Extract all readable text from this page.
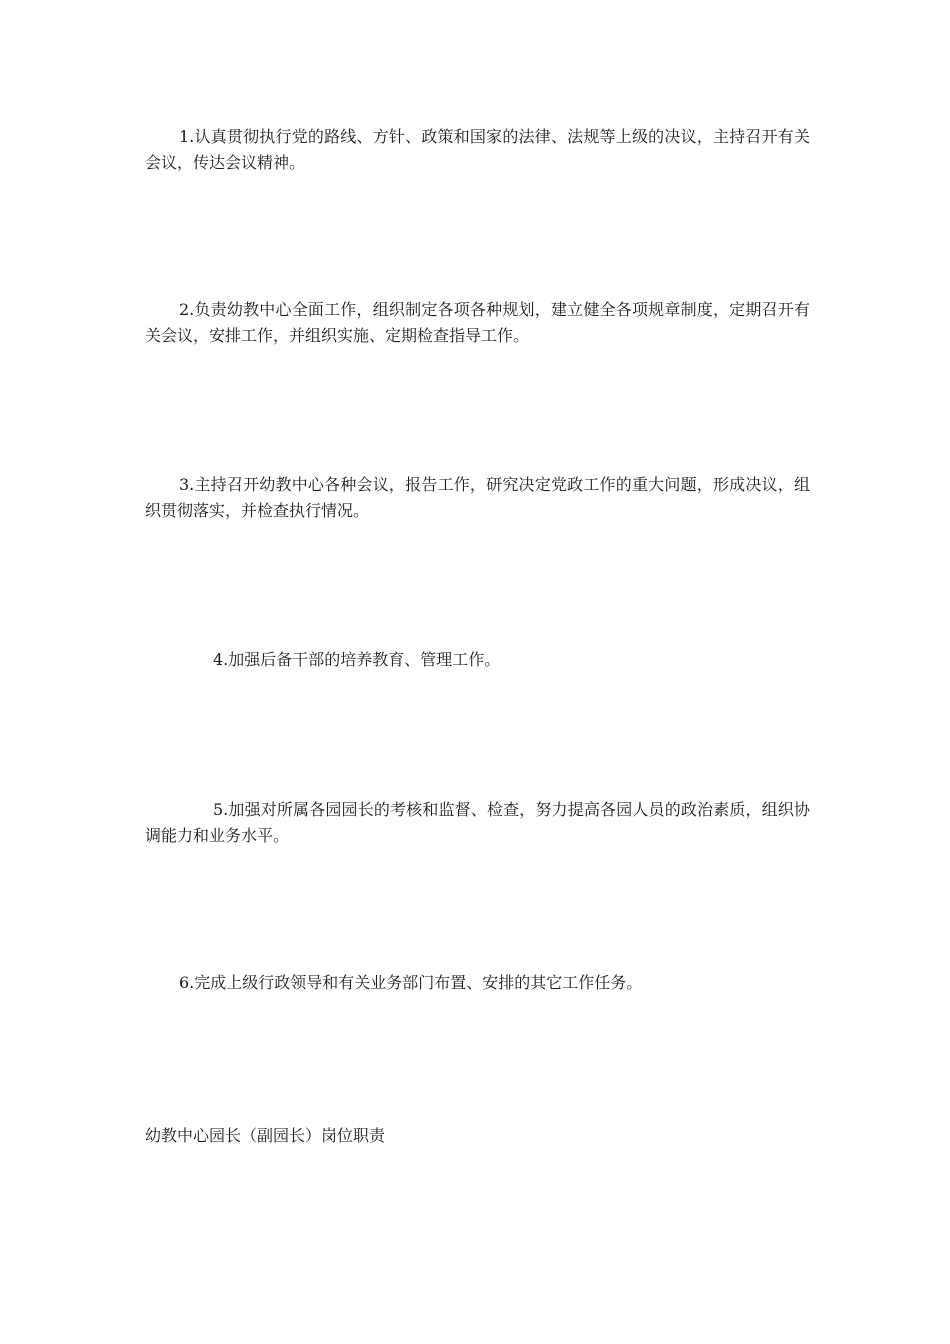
1.认真贯彻执行党的路线、方针、政策和国家的法律、法规等上级的决议，主持召开有关会议，传达会议精神。

2.负责幼教中心全面工作，组织制定各项各种规划，建立健全各项规章制度，定期召开有关会议，安排工作，并组织实施、定期检查指导工作。

3.主持召开幼教中心各种会议，报告工作，研究决定党政工作的重大问题，形成决议，组织贯彻落实，并检查执行情况。

4.加强后备干部的培养教育、管理工作。

5.加强对所属各园园长的考核和监督、检查，努力提高各园人员的政治素质，组织协调能力和业务水平。

6.完成上级行政领导和有关业务部门布置、安排的其它工作任务。

幼教中心园长（副园长）岗位职责
